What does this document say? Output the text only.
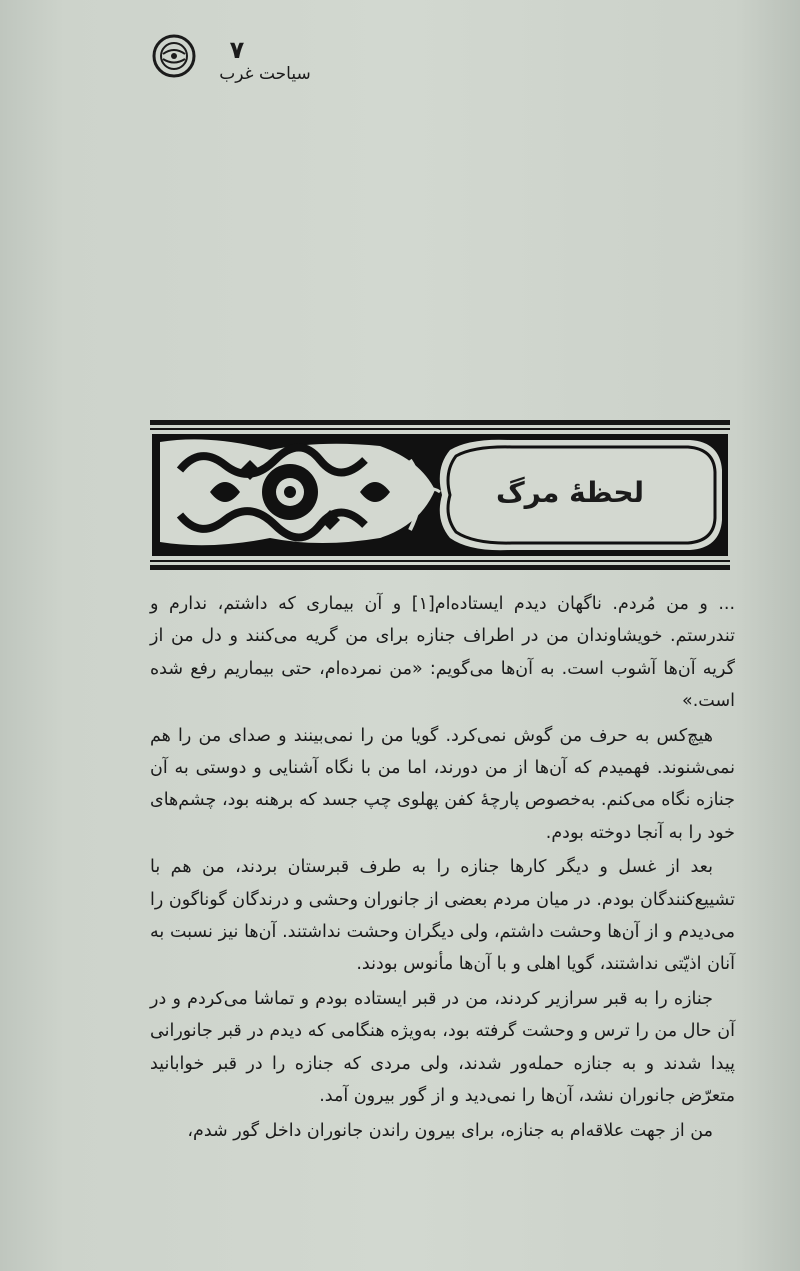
۷
سیاحت غرب
لحظهٔ مرگ

... و من مُردم. ناگهان دیدم ایستاده‌ام[۱] و آن بیماری که داشتم، ندارم و تندرستم. خویشاوندان من در اطراف جنازه برای من گریه می‌کنند و دل من از گریه آن‌ها آشوب است. به آن‌ها می‌گویم: «من نمرده‌ام، حتی بیماریم رفع شده است.»

هیچ‌کس به حرف من گوش نمی‌کرد. گویا من را نمی‌بینند و صدای من را هم نمی‌شنوند. فهمیدم که آن‌ها از من دورند، اما من با نگاه آشنایی و دوستی به آن جنازه نگاه می‌کنم. به‌خصوص پارچهٔ کفن پهلوی چپ جسد که برهنه بود، چشم‌های خود را به آنجا دوخته بودم.

بعد از غسل و دیگر کارها جنازه را به طرف قبرستان بردند، من هم با تشییع‌کنندگان بودم. در میان مردم بعضی از جانوران وحشی و درندگان گوناگون را می‌دیدم و از آن‌ها وحشت داشتم، ولی دیگران وحشت نداشتند. آن‌ها نیز نسبت به آنان اذیّتی نداشتند، گویا اهلی و با آن‌ها مأنوس بودند.

جنازه را به قبر سرازیر کردند، من در قبر ایستاده بودم و تماشا می‌کردم و در آن حال من را ترس و وحشت گرفته بود، به‌ویژه هنگامی که دیدم در قبر جانورانی پیدا شدند و به جنازه حمله‌ور شدند، ولی مردی که جنازه را در قبر خوابانید متعرّض جانوران نشد، آن‌ها را نمی‌دید و از گور بیرون آمد.

من از جهت علاقه‌ام به جنازه، برای بیرون راندن جانوران داخل گور شدم،
